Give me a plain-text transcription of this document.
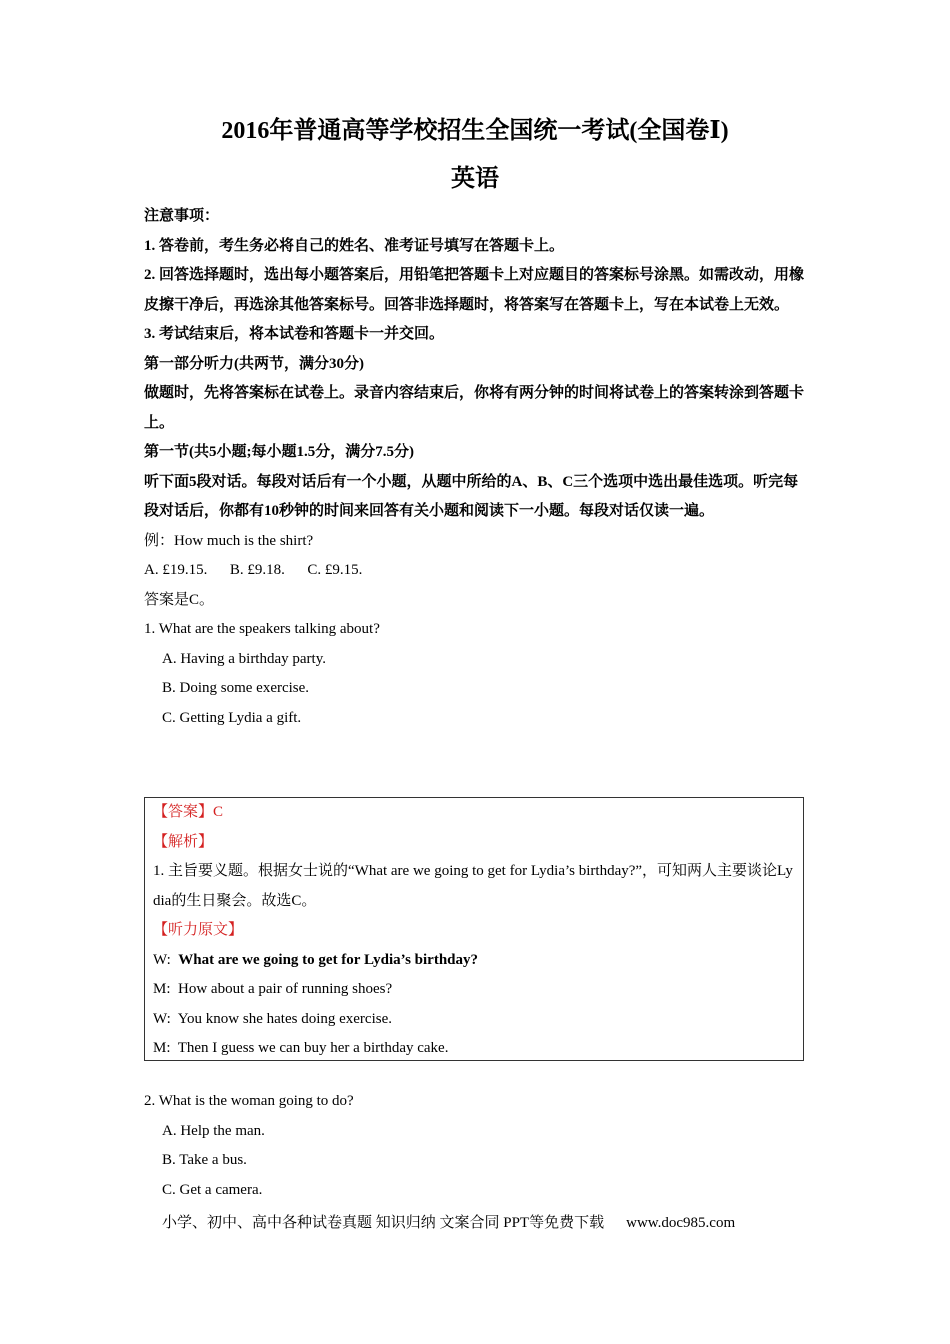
2016年普通高等学校招生全国统一考试(全国卷Ⅰ)
英语
注意事项：
1. 答卷前，考生务必将自己的姓名、准考证号填写在答题卡上。
2. 回答选择题时，选出每小题答案后，用铅笔把答题卡上对应题目的答案标号涂黑。如需改动，用橡皮擦干净后，再选涂其他答案标号。回答非选择题时，将答案写在答题卡上，写在本试卷上无效。
3. 考试结束后，将本试卷和答题卡一并交回。
第一部分听力(共两节，满分30分)
做题时，先将答案标在试卷上。录音内容结束后，你将有两分钟的时间将试卷上的答案转涂到答题卡上。
第一节(共5小题;每小题1.5分，满分7.5分)
听下面5段对话。每段对话后有一个小题，从题中所给的A、B、C三个选项中选出最佳选项。听完每段对话后，你都有10秒钟的时间来回答有关小题和阅读下一小题。每段对话仅读一遍。
例：How much is the shirt?
A. £19.15.      B. £9.18.      C. £9.15.
答案是C。
1. What are the speakers talking about?
A. Having a birthday party.
B. Doing some exercise.
C. Getting Lydia a gift.
【答案】C
【解析】
1. 主旨要义题。根据女士说的“What are we going to get for Lydia’s birthday?”，可知两人主要谈论Lydia的生日聚会。故选C。
【听力原文】
W: What are we going to get for Lydia’s birthday?
M:  How about a pair of running shoes?
W:  You know she hates doing exercise.
M:  Then I guess we can buy her a birthday cake.
2. What is the woman going to do?
A. Help the man.
B. Take a bus.
C. Get a camera.
小学、初中、高中各种试卷真题 知识归纳 文案合同 PPT等免费下载 www.doc985.com
